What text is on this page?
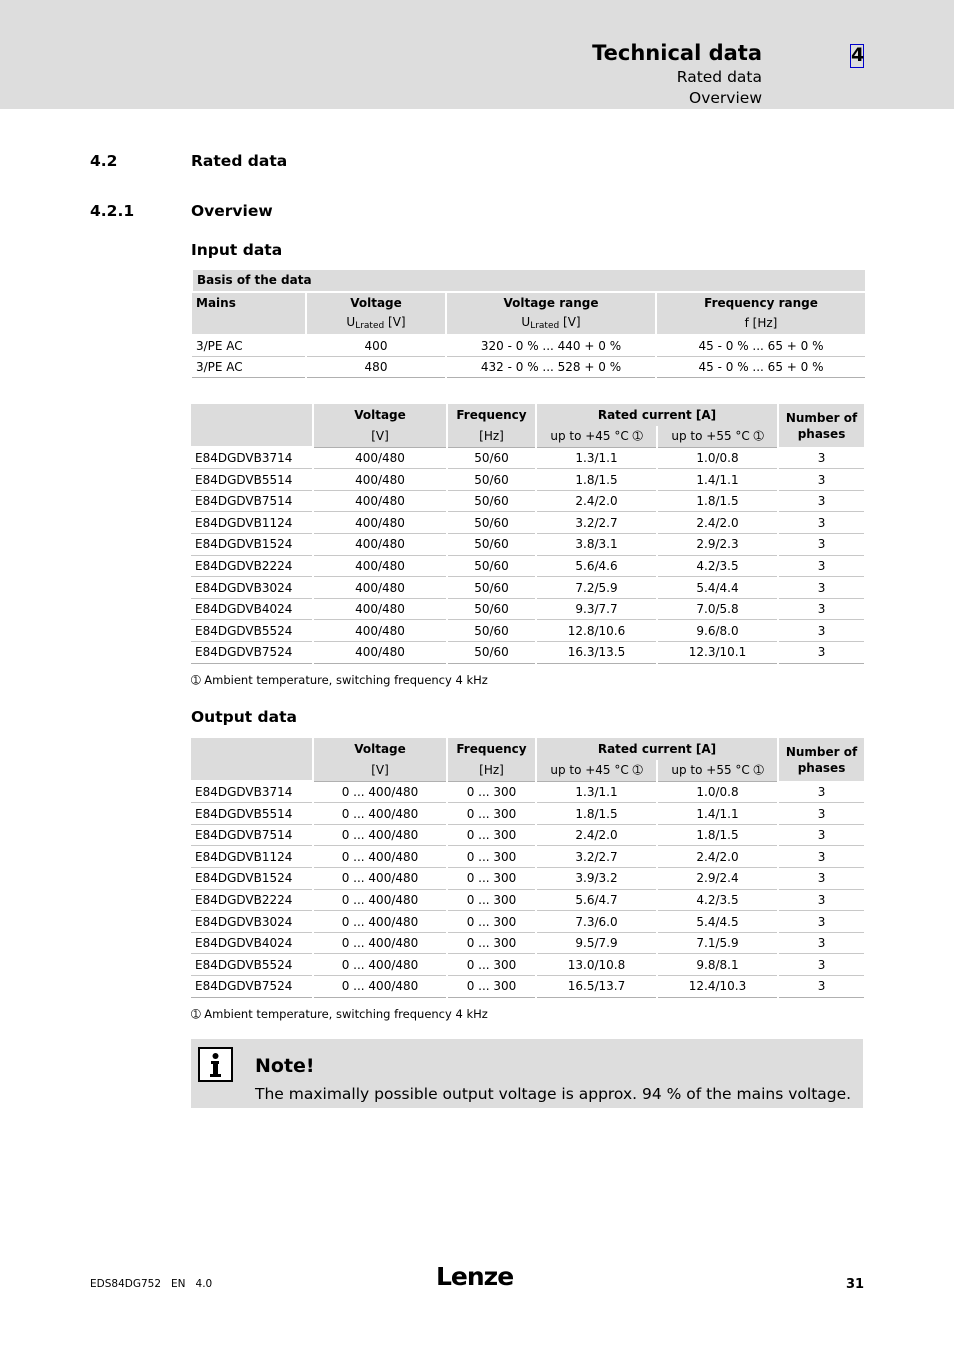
Technical data
Rated data
Overview
4
4.2	Rated data
4.2.1	Overview
Input data
Basis of the data			
Mains	Voltage	Voltage range	Frequency range
	$U_{Lrated}$ [V]	$U_{Lrated}$ [V]	f [Hz]
3/PE AC	400	320 - 0 % ... 440 + 0 %	45 - 0 % ... 65 + 0 %
3/PE AC	480	432 - 0 % ... 528 + 0 %	45 - 0 % ... 65 + 0 %
	Voltage	Frequency	Rated current [A]		Number of phases
	[V]	[Hz]	up to +45 °C ➀	up to +55 °C ➀	
E84DGDVB3714	400/480	50/60	1.3/1.1	1.0/0.8	3
E84DGDVB5514	400/480	50/60	1.8/1.5	1.4/1.1	3
E84DGDVB7514	400/480	50/60	2.4/2.0	1.8/1.5	3
E84DGDVB1124	400/480	50/60	3.2/2.7	2.4/2.0	3
E84DGDVB1524	400/480	50/60	3.8/3.1	2.9/2.3	3
E84DGDVB2224	400/480	50/60	5.6/4.6	4.2/3.5	3
E84DGDVB3024	400/480	50/60	7.2/5.9	5.4/4.4	3
E84DGDVB4024	400/480	50/60	9.3/7.7	7.0/5.8	3
E84DGDVB5524	400/480	50/60	12.8/10.6	9.6/8.0	3
E84DGDVB7524	400/480	50/60	16.3/13.5	12.3/10.1	3
➀ Ambient temperature, switching frequency 4 kHz
Output data
	Voltage	Frequency	Rated current [A]		Number of phases
	[V]	[Hz]	up to +45 °C ➀	up to +55 °C ➀	
E84DGDVB3714	0 ... 400/480	0 ... 300	1.3/1.1	1.0/0.8	3
E84DGDVB5514	0 ... 400/480	0 ... 300	1.8/1.5	1.4/1.1	3
E84DGDVB7514	0 ... 400/480	0 ... 300	2.4/2.0	1.8/1.5	3
E84DGDVB1124	0 ... 400/480	0 ... 300	3.2/2.7	2.4/2.0	3
E84DGDVB1524	0 ... 400/480	0 ... 300	3.9/3.2	2.9/2.4	3
E84DGDVB2224	0 ... 400/480	0 ... 300	5.6/4.7	4.2/3.5	3
E84DGDVB3024	0 ... 400/480	0 ... 300	7.3/6.0	5.4/4.5	3
E84DGDVB4024	0 ... 400/480	0 ... 300	9.5/7.9	7.1/5.9	3
E84DGDVB5524	0 ... 400/480	0 ... 300	13.0/10.8	9.8/8.1	3
E84DGDVB7524	0 ... 400/480	0 ... 300	16.5/13.7	12.4/10.3	3
➀ Ambient temperature, switching frequency 4 kHz
Note!
The maximally possible output voltage is approx. 94 % of the mains voltage.
EDS84DG752   EN   4.0	Lenze	31
